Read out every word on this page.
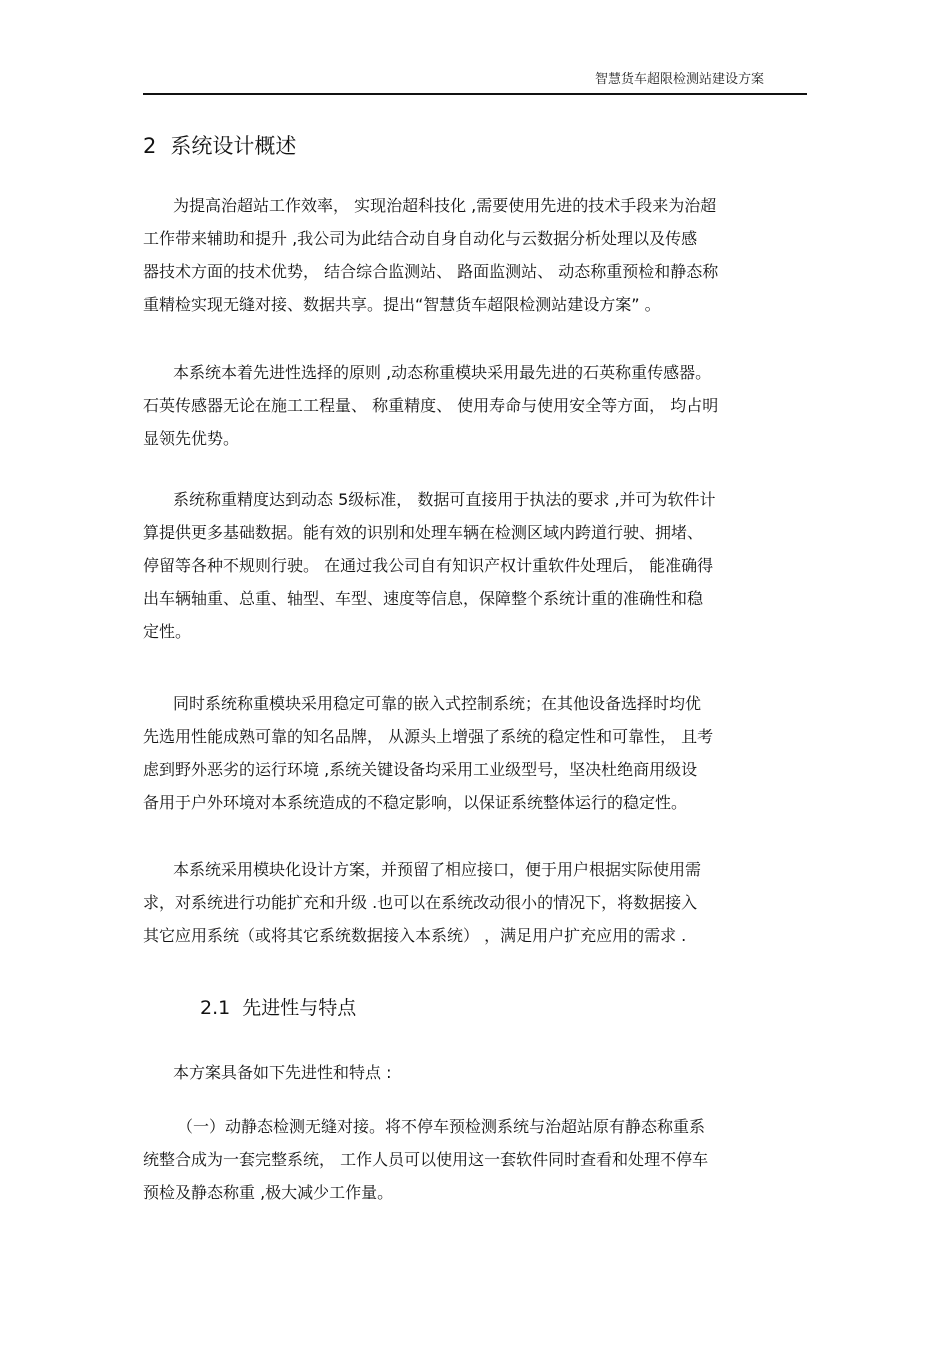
智慧货车超限检测站建设方案
2 系统设计概述
为提高治超站工作效率， 实现治超科技化 ,需要使用先进的技术手段来为治超
工作带来辅助和提升 ,我公司为此结合动自身自动化与云数据分析处理以及传感
器技术方面的技术优势， 结合综合监测站、 路面监测站、 动态称重预检和静态称
重精检实现无缝对接、数据共享。提出“智慧货车超限检测站建设方案” 。
本系统本着先进性选择的原则 ,动态称重模块采用最先进的石英称重传感器。
石英传感器无论在施工工程量、 称重精度、 使用寿命与使用安全等方面， 均占明
显领先优势。
系统称重精度达到动态 5级标准， 数据可直接用于执法的要求 ,并可为软件计
算提供更多基础数据。能有效的识别和处理车辆在检测区域内跨道行驶、拥堵、
停留等各种不规则行驶。 在通过我公司自有知识产权计重软件处理后， 能准确得
出车辆轴重、总重、轴型、车型、速度等信息，保障整个系统计重的准确性和稳
定性。
同时系统称重模块采用稳定可靠的嵌入式控制系统；在其他设备选择时均优
先选用性能成熟可靠的知名品牌， 从源头上增强了系统的稳定性和可靠性， 且考
虑到野外恶劣的运行环境 ,系统关键设备均采用工业级型号，坚决杜绝商用级设
备用于户外环境对本系统造成的不稳定影响，以保证系统整体运行的稳定性。
本系统采用模块化设计方案，并预留了相应接口，便于用户根据实际使用需
求，对系统进行功能扩充和升级 .也可以在系统改动很小的情况下，将数据接入
其它应用系统（或将其它系统数据接入本系统） ，满足用户扩充应用的需求 .
2.1 先进性与特点
本方案具备如下先进性和特点 :
（一）动静态检测无缝对接。将不停车预检测系统与治超站原有静态称重系
统整合成为一套完整系统， 工作人员可以使用这一套软件同时查看和处理不停车
预检及静态称重 ,极大减少工作量。
